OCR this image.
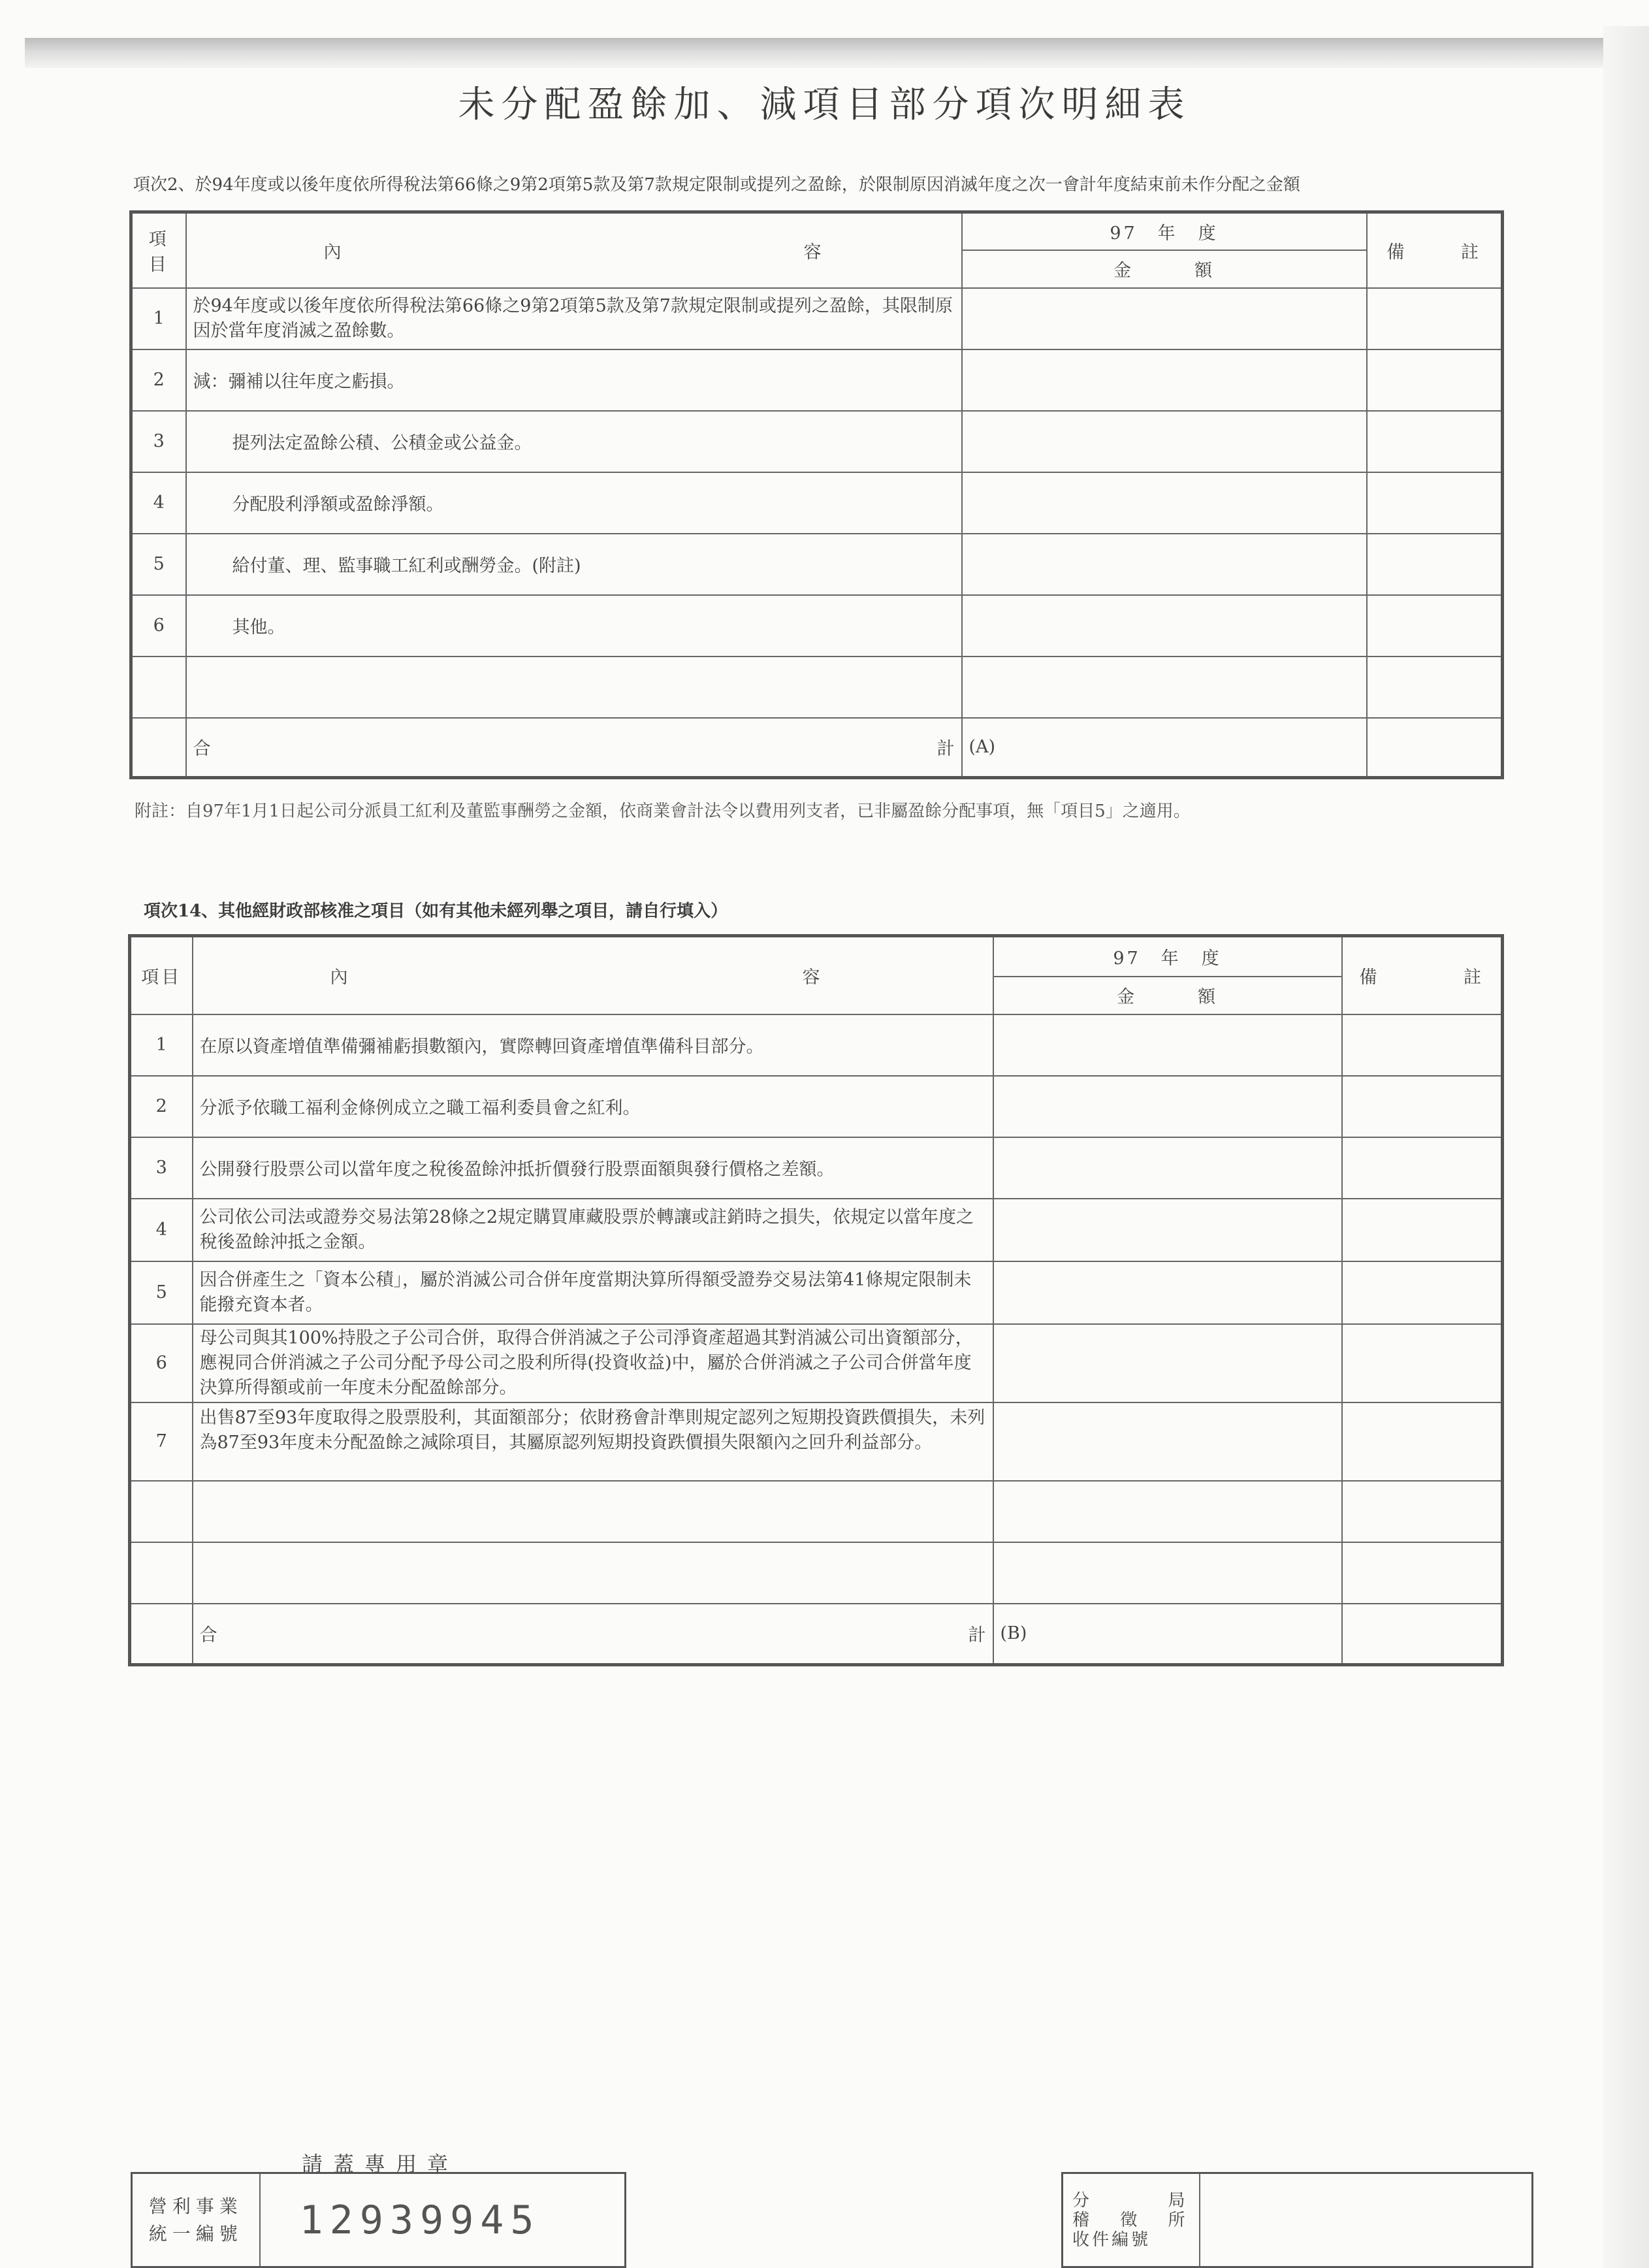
未分配盈餘加、減項目部分項次明細表
項次2、於94年度或以後年度依所得稅法第66條之9第2項第5款及第7款規定限制或提列之盈餘，於限制原因消滅年度之次一會計年度結束前未作分配之金額
項目	內 容	97　年　度	備 註

		金　　　額	
1	於94年度或以後年度依所得稅法第66條之9第2項第5款及第7款規定限制或提列之盈餘，其限制原因於當年度消滅之盈餘數。		
2	減：彌補以往年度之虧損。		
3	提列法定盈餘公積、公積金或公益金。		
4	分配股利淨額或盈餘淨額。		
5	給付董、理、監事職工紅利或酬勞金。(附註)		
6	其他。		

	合 計	(A)	
附註：自97年1月1日起公司分派員工紅利及董監事酬勞之金額，依商業會計法令以費用列支者，已非屬盈餘分配事項，無「項目5」之適用。
項次14、其他經財政部核准之項目（如有其他未經列舉之項目，請自行填入）
項目	內 容	97　年　度	備 註

		金　　　額	
1	在原以資產增值準備彌補虧損數額內，實際轉回資產增值準備科目部分。		
2	分派予依職工福利金條例成立之職工福利委員會之紅利。		
3	公開發行股票公司以當年度之稅後盈餘沖抵折價發行股票面額與發行價格之差額。		
4	公司依公司法或證券交易法第28條之2規定購買庫藏股票於轉讓或註銷時之損失，依規定以當年度之稅後盈餘沖抵之金額。		
5	因合併產生之「資本公積」，屬於消滅公司合併年度當期決算所得額受證券交易法第41條規定限制未能撥充資本者。		
6	母公司與其100%持股之子公司合併，取得合併消滅之子公司淨資產超過其對消滅公司出資額部分，應視同合併消滅之子公司分配予母公司之股利所得(投資收益)中，屬於合併消滅之子公司合併當年度決算所得額或前一年度未分配盈餘部分。		
7	出售87至93年度取得之股票股利，其面額部分；依財務會計準則規定認列之短期投資跌價損失，未列為87至93年度未分配盈餘之減除項目，其屬原認列短期投資跌價損失限額內之回升利益部分。		

	合 計	(B)	
請蓋專用章
營利事業
統一編號	12939945	分	局
稽 徵 所
收件編號
